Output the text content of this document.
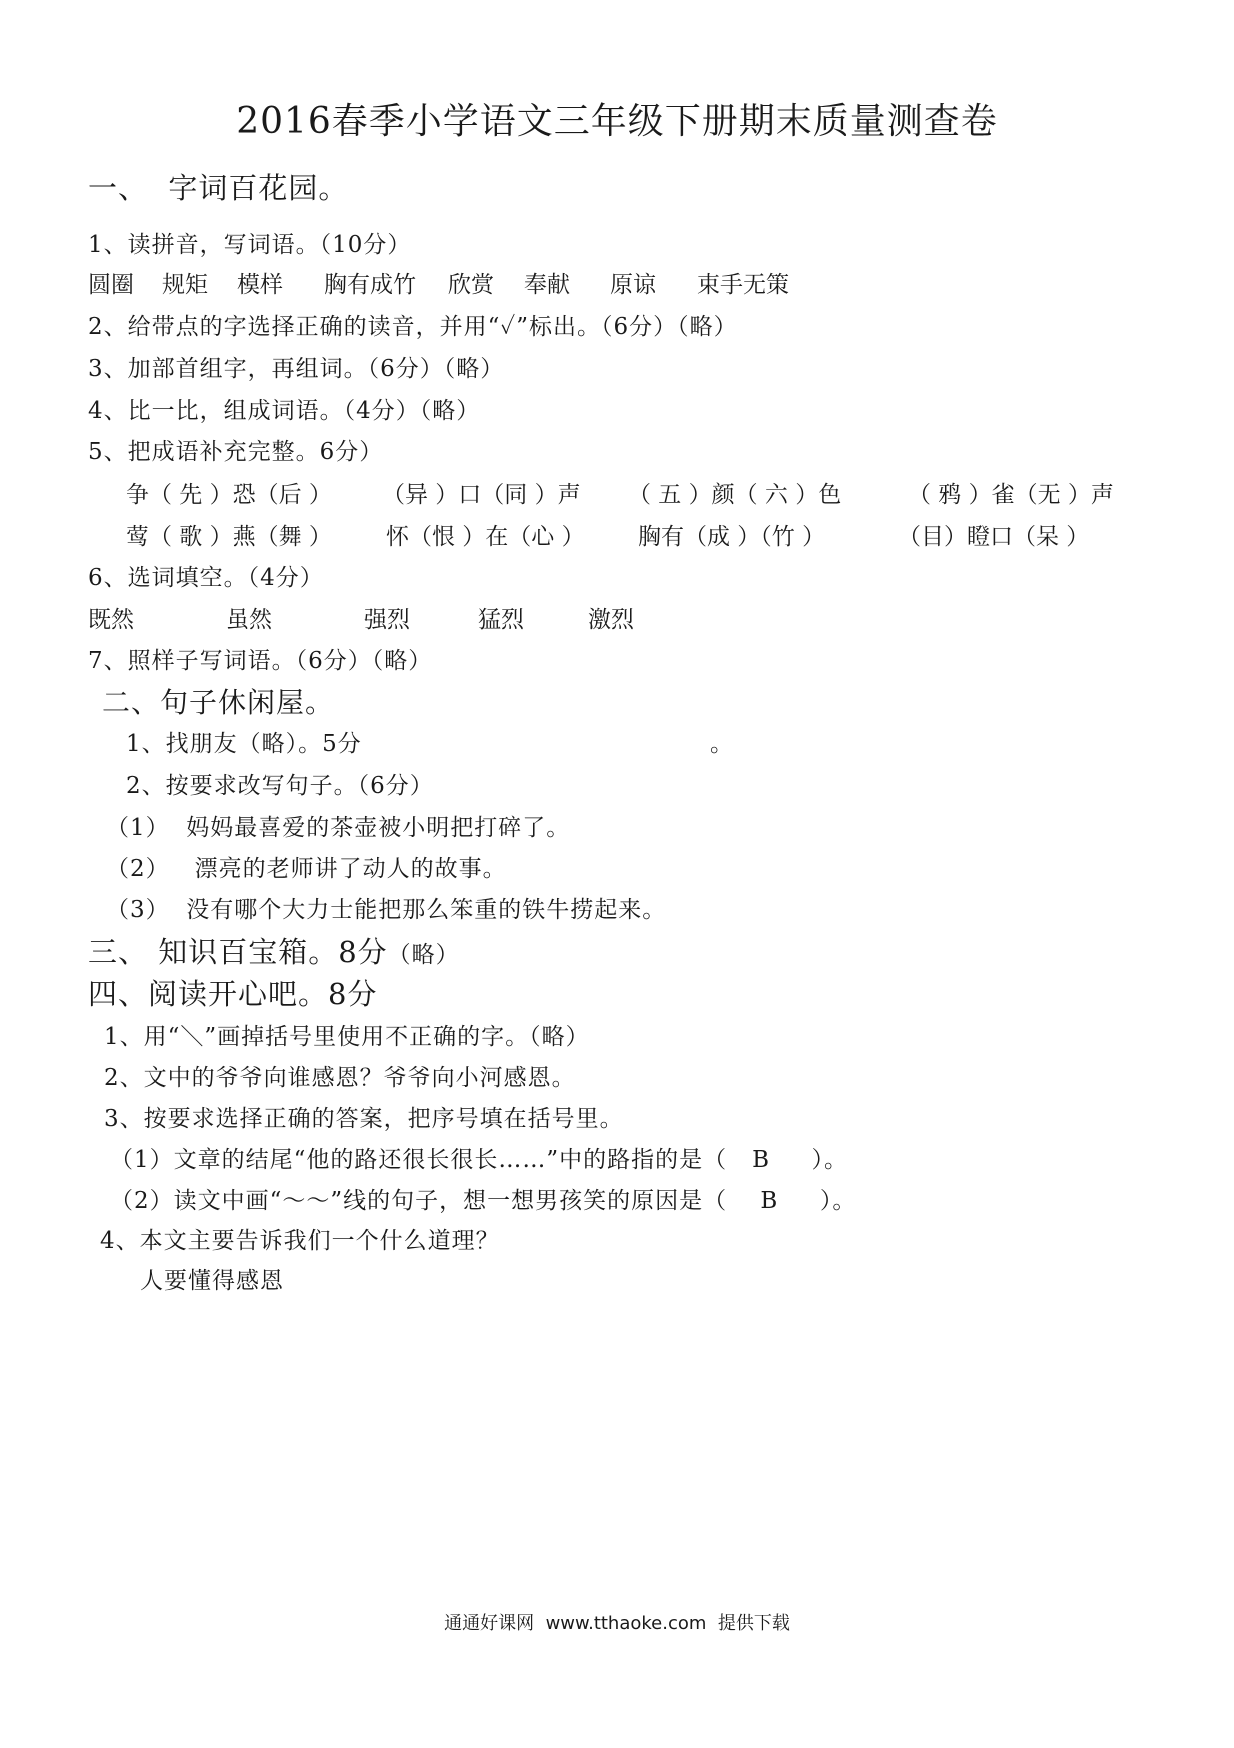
2016春季小学语文三年级下册期末质量测查卷
一、  字词百花园。
1、读拼音，写词语。（10分）
圆圈 规矩 模样 胸有成竹 欣赏 奉献 原谅 束手无策
2、给带点的字选择正确的读音，并用“✓”标出。（6分）（略）
3、加部首组字，再组词。（6分）（略）
4、比一比，组成词语。（4分）（略）
5、把成语补充完整。6分）
争（ 先 ）恐（后 ） （异 ）口（同 ）声 （ 五 ）颜（ 六 ）色	（ 鸦 ）雀（无 ）声
莺（ 歌 ）燕（舞 ） 怀（恨 ）在（心 ） 胸有（成 ）（竹 ）	（目）瞪口（呆 ）
6、选词填空。（4分）
既然	虽然	强烈	猛烈	激烈
7、照样子写词语。（6分）（略）
二、句子休闲屋。
1、找朋友（略）。5分	。
2、按要求改写句子。（6分）
（1）  妈妈最喜爱的茶壶被小明把打碎了。
（2）   漂亮的老师讲了动人的故事。
（3）  没有哪个大力士能把那么笨重的铁牛捞起来。
三、 知识百宝箱。8分（略）
四、阅读开心吧。8分
1、用“＼”画掉括号里使用不正确的字。（略）
2、文中的爷爷向谁感恩？爷爷向小河感恩。
3、按要求选择正确的答案，把序号填在括号里。
（1）文章的结尾“他的路还很长很长……”中的路指的是（   B     ）。
（2）读文中画“～～”线的句子，想一想男孩笑的原因是（    B     ）。
4、本文主要告诉我们一个什么道理？
人要懂得感恩
通通好课网  www.tthaoke.com  提供下载
